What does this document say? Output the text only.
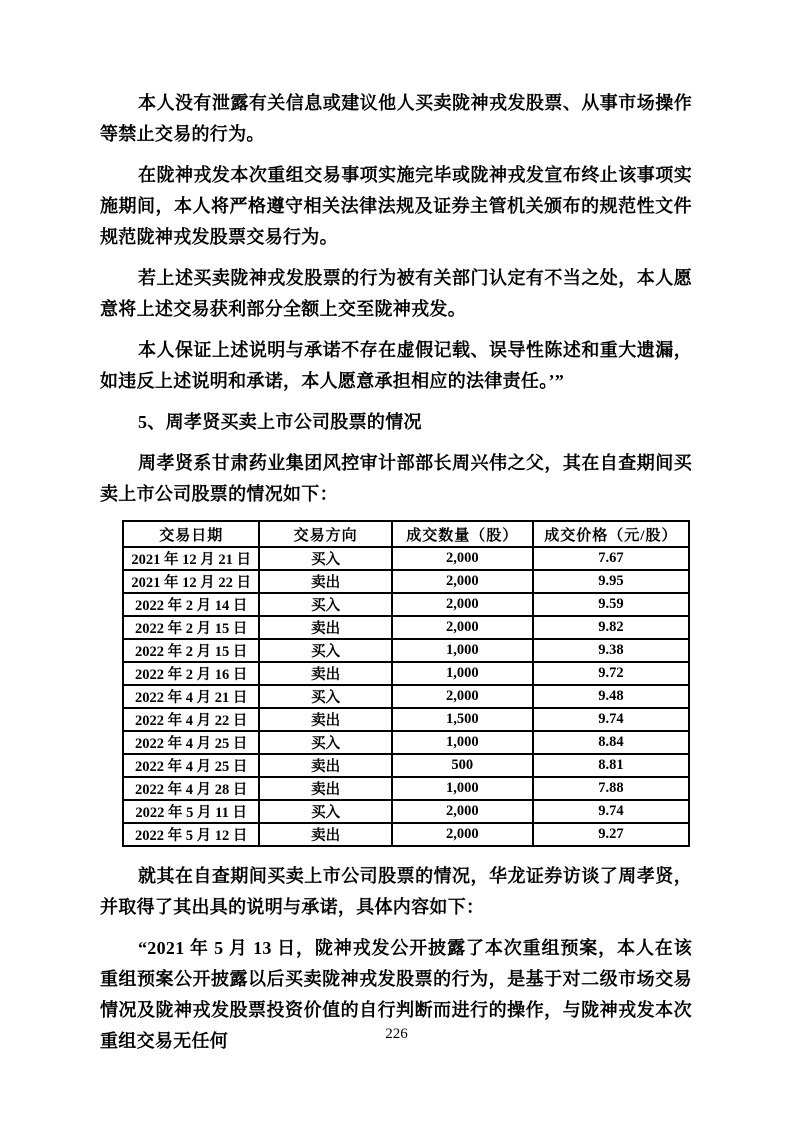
本人没有泄露有关信息或建议他人买卖陇神戎发股票、从事市场操作等禁止交易的行为。

在陇神戎发本次重组交易事项实施完毕或陇神戎发宣布终止该事项实施期间，本人将严格遵守相关法律法规及证券主管机关颁布的规范性文件规范陇神戎发股票交易行为。

若上述买卖陇神戎发股票的行为被有关部门认定有不当之处，本人愿意将上述交易获利部分全额上交至陇神戎发。

本人保证上述说明与承诺不存在虚假记载、误导性陈述和重大遗漏，如违反上述说明和承诺，本人愿意承担相应的法律责任。’”

5、周孝贤买卖上市公司股票的情况

周孝贤系甘肃药业集团风控审计部部长周兴伟之父，其在自查期间买卖上市公司股票的情况如下：

交易日期	交易方向	成交数量（股）	成交价格（元/股）
2021 年 12 月 21 日	买入	2,000	7.67
2021 年 12 月 22 日	卖出	2,000	9.95
2022 年 2 月 14 日	买入	2,000	9.59
2022 年 2 月 15 日	卖出	2,000	9.82
2022 年 2 月 15 日	买入	1,000	9.38
2022 年 2 月 16 日	卖出	1,000	9.72
2022 年 4 月 21 日	买入	2,000	9.48
2022 年 4 月 22 日	卖出	1,500	9.74
2022 年 4 月 25 日	买入	1,000	8.84
2022 年 4 月 25 日	卖出	500	8.81
2022 年 4 月 28 日	卖出	1,000	7.88
2022 年 5 月 11 日	买入	2,000	9.74
2022 年 5 月 12 日	卖出	2,000	9.27

就其在自查期间买卖上市公司股票的情况，华龙证券访谈了周孝贤，并取得了其出具的说明与承诺，具体内容如下：

“2021 年 5 月 13 日，陇神戎发公开披露了本次重组预案，本人在该重组预案公开披露以后买卖陇神戎发股票的行为，是基于对二级市场交易情况及陇神戎发股票投资价值的自行判断而进行的操作，与陇神戎发本次重组交易无任何	226
